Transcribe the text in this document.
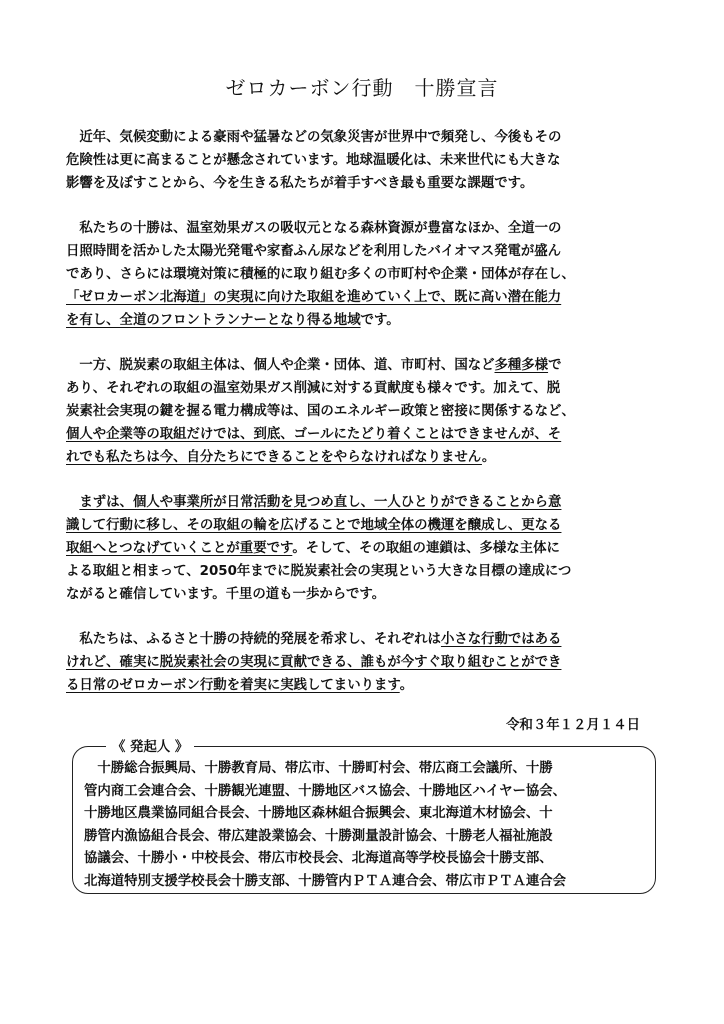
ゼロカーボン行動　十勝宣言
　近年、気候変動による豪雨や猛暑などの気象災害が世界中で頻発し、今後もその
危険性は更に高まることが懸念されています。地球温暖化は、未来世代にも大きな
影響を及ぼすことから、今を生きる私たちが着手すべき最も重要な課題です。
　私たちの十勝は、温室効果ガスの吸収元となる森林資源が豊富なほか、全道一の
日照時間を活かした太陽光発電や家畜ふん尿などを利用したバイオマス発電が盛ん
であり、さらには環境対策に積極的に取り組む多くの市町村や企業・団体が存在し、
「ゼロカーボン北海道」の実現に向けた取組を進めていく上で、既に高い潜在能力
を有し、全道のフロントランナーとなり得る地域です。
　一方、脱炭素の取組主体は、個人や企業・団体、道、市町村、国など多種多様で
あり、それぞれの取組の温室効果ガス削減に対する貢献度も様々です。加えて、脱
炭素社会実現の鍵を握る電力構成等は、国のエネルギー政策と密接に関係するなど、
個人や企業等の取組だけでは、到底、ゴールにたどり着くことはできませんが、そ
れでも私たちは今、自分たちにできることをやらなければなりません。
　まずは、個人や事業所が日常活動を見つめ直し、一人ひとりができることから意
識して行動に移し、その取組の輪を広げることで地域全体の機運を醸成し、更なる
取組へとつなげていくことが重要です。そして、その取組の連鎖は、多様な主体に
よる取組と相まって、2050年までに脱炭素社会の実現という大きな目標の達成につ
ながると確信しています。千里の道も一歩からです。
　私たちは、ふるさと十勝の持続的発展を希求し、それぞれは小さな行動ではある
けれど、確実に脱炭素社会の実現に貢献できる、誰もが今すぐ取り組むことができ
る日常のゼロカーボン行動を着実に実践してまいります。
令和３年１２月１４日
《 発起人 》
　十勝総合振興局、十勝教育局、帯広市、十勝町村会、帯広商工会議所、十勝
管内商工会連合会、十勝観光連盟、十勝地区バス協会、十勝地区ハイヤー協会、
十勝地区農業協同組合長会、十勝地区森林組合振興会、東北海道木材協会、十
勝管内漁協組合長会、帯広建設業協会、十勝測量設計協会、十勝老人福祉施設
協議会、十勝小・中校長会、帯広市校長会、北海道高等学校長協会十勝支部、
北海道特別支援学校長会十勝支部、十勝管内ＰＴＡ連合会、帯広市ＰＴＡ連合会
